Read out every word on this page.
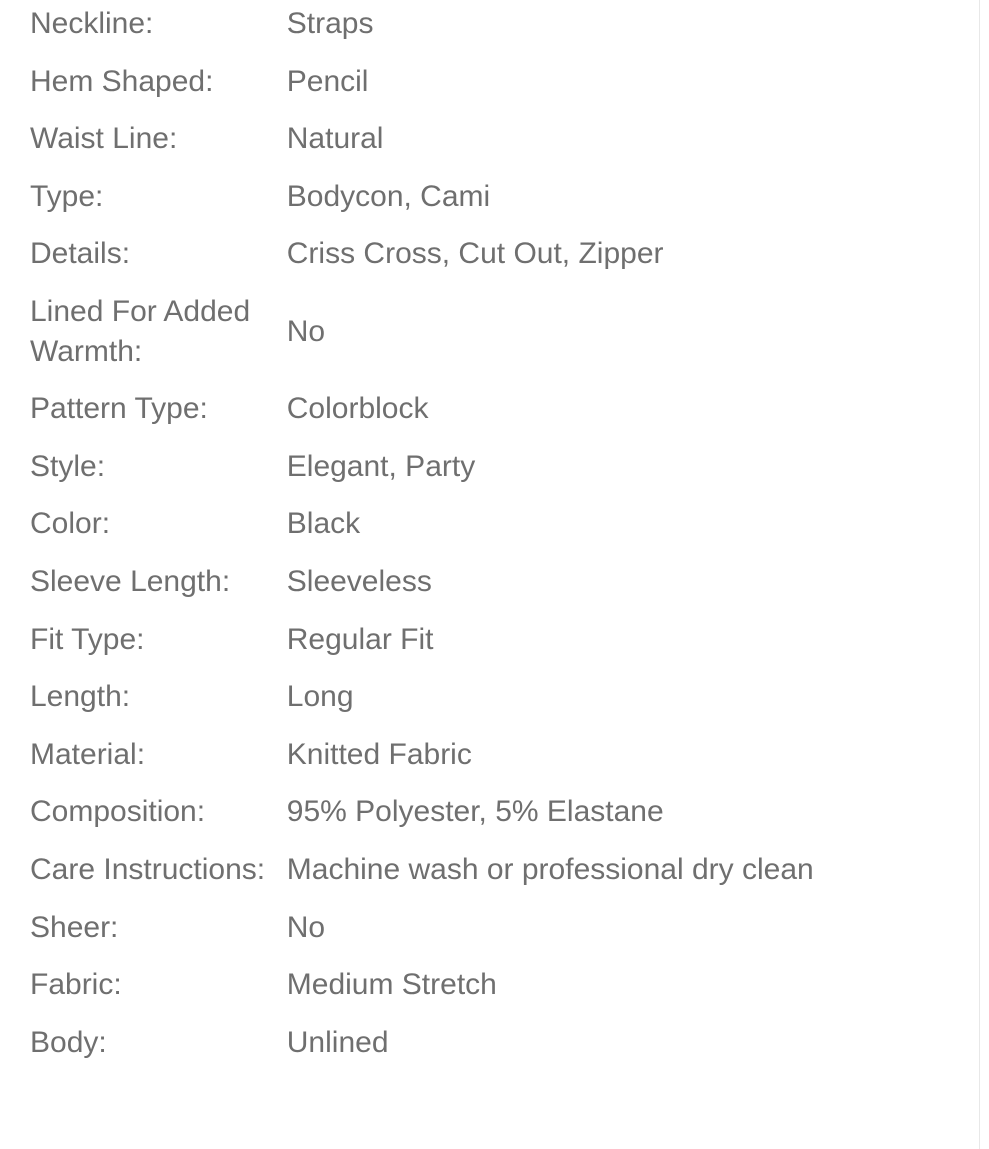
Neckline:	Straps
Hem Shaped:	Pencil
Waist Line:	Natural
Type:	Bodycon, Cami
Details:	Criss Cross, Cut Out, Zipper
Lined For Added Warmth:	No
Pattern Type:	Colorblock
Style:	Elegant, Party
Color:	Black
Sleeve Length:	Sleeveless
Fit Type:	Regular Fit
Length:	Long
Material:	Knitted Fabric
Composition:	95% Polyester, 5% Elastane
Care Instructions:	Machine wash or professional dry clean
Sheer:	No
Fabric:	Medium Stretch
Body:	Unlined
